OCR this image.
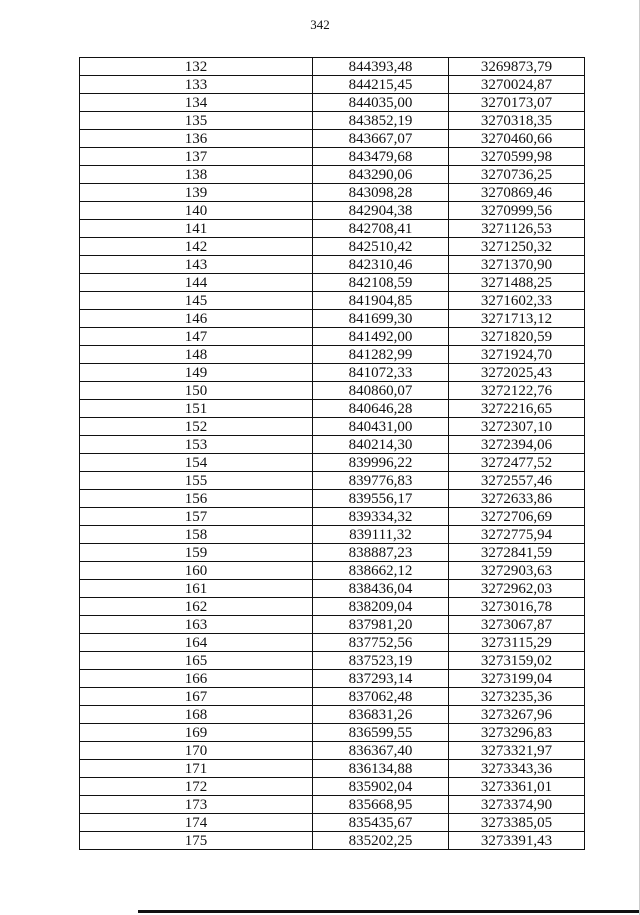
342
132	844393,48	3269873,79
133	844215,45	3270024,87
134	844035,00	3270173,07
135	843852,19	3270318,35
136	843667,07	3270460,66
137	843479,68	3270599,98
138	843290,06	3270736,25
139	843098,28	3270869,46
140	842904,38	3270999,56
141	842708,41	3271126,53
142	842510,42	3271250,32
143	842310,46	3271370,90
144	842108,59	3271488,25
145	841904,85	3271602,33
146	841699,30	3271713,12
147	841492,00	3271820,59
148	841282,99	3271924,70
149	841072,33	3272025,43
150	840860,07	3272122,76
151	840646,28	3272216,65
152	840431,00	3272307,10
153	840214,30	3272394,06
154	839996,22	3272477,52
155	839776,83	3272557,46
156	839556,17	3272633,86
157	839334,32	3272706,69
158	839111,32	3272775,94
159	838887,23	3272841,59
160	838662,12	3272903,63
161	838436,04	3272962,03
162	838209,04	3273016,78
163	837981,20	3273067,87
164	837752,56	3273115,29
165	837523,19	3273159,02
166	837293,14	3273199,04
167	837062,48	3273235,36
168	836831,26	3273267,96
169	836599,55	3273296,83
170	836367,40	3273321,97
171	836134,88	3273343,36
172	835902,04	3273361,01
173	835668,95	3273374,90
174	835435,67	3273385,05
175	835202,25	3273391,43
